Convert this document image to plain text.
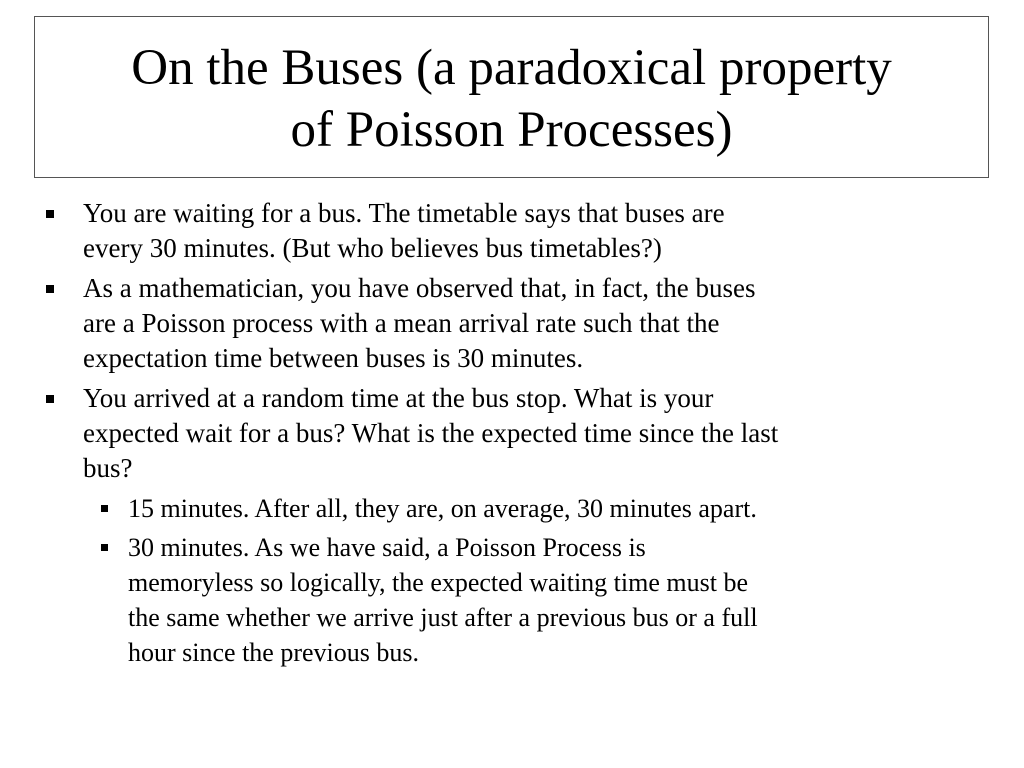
On the Buses (a paradoxical property
of Poisson Processes)
You are waiting for a bus. The timetable says that buses are
every 30 minutes. (But who believes bus timetables?)
As a mathematician, you have observed that, in fact, the buses
are a Poisson process with a mean arrival rate such that the
expectation time between buses is 30 minutes.
You arrived at a random time at the bus stop. What is your
expected wait for a bus? What is the expected time since the last
bus?
15 minutes. After all, they are, on average, 30 minutes apart.
30 minutes. As we have said, a Poisson Process is
memoryless so logically, the expected waiting time must be
the same whether we arrive just after a previous bus or a full
hour since the previous bus.
